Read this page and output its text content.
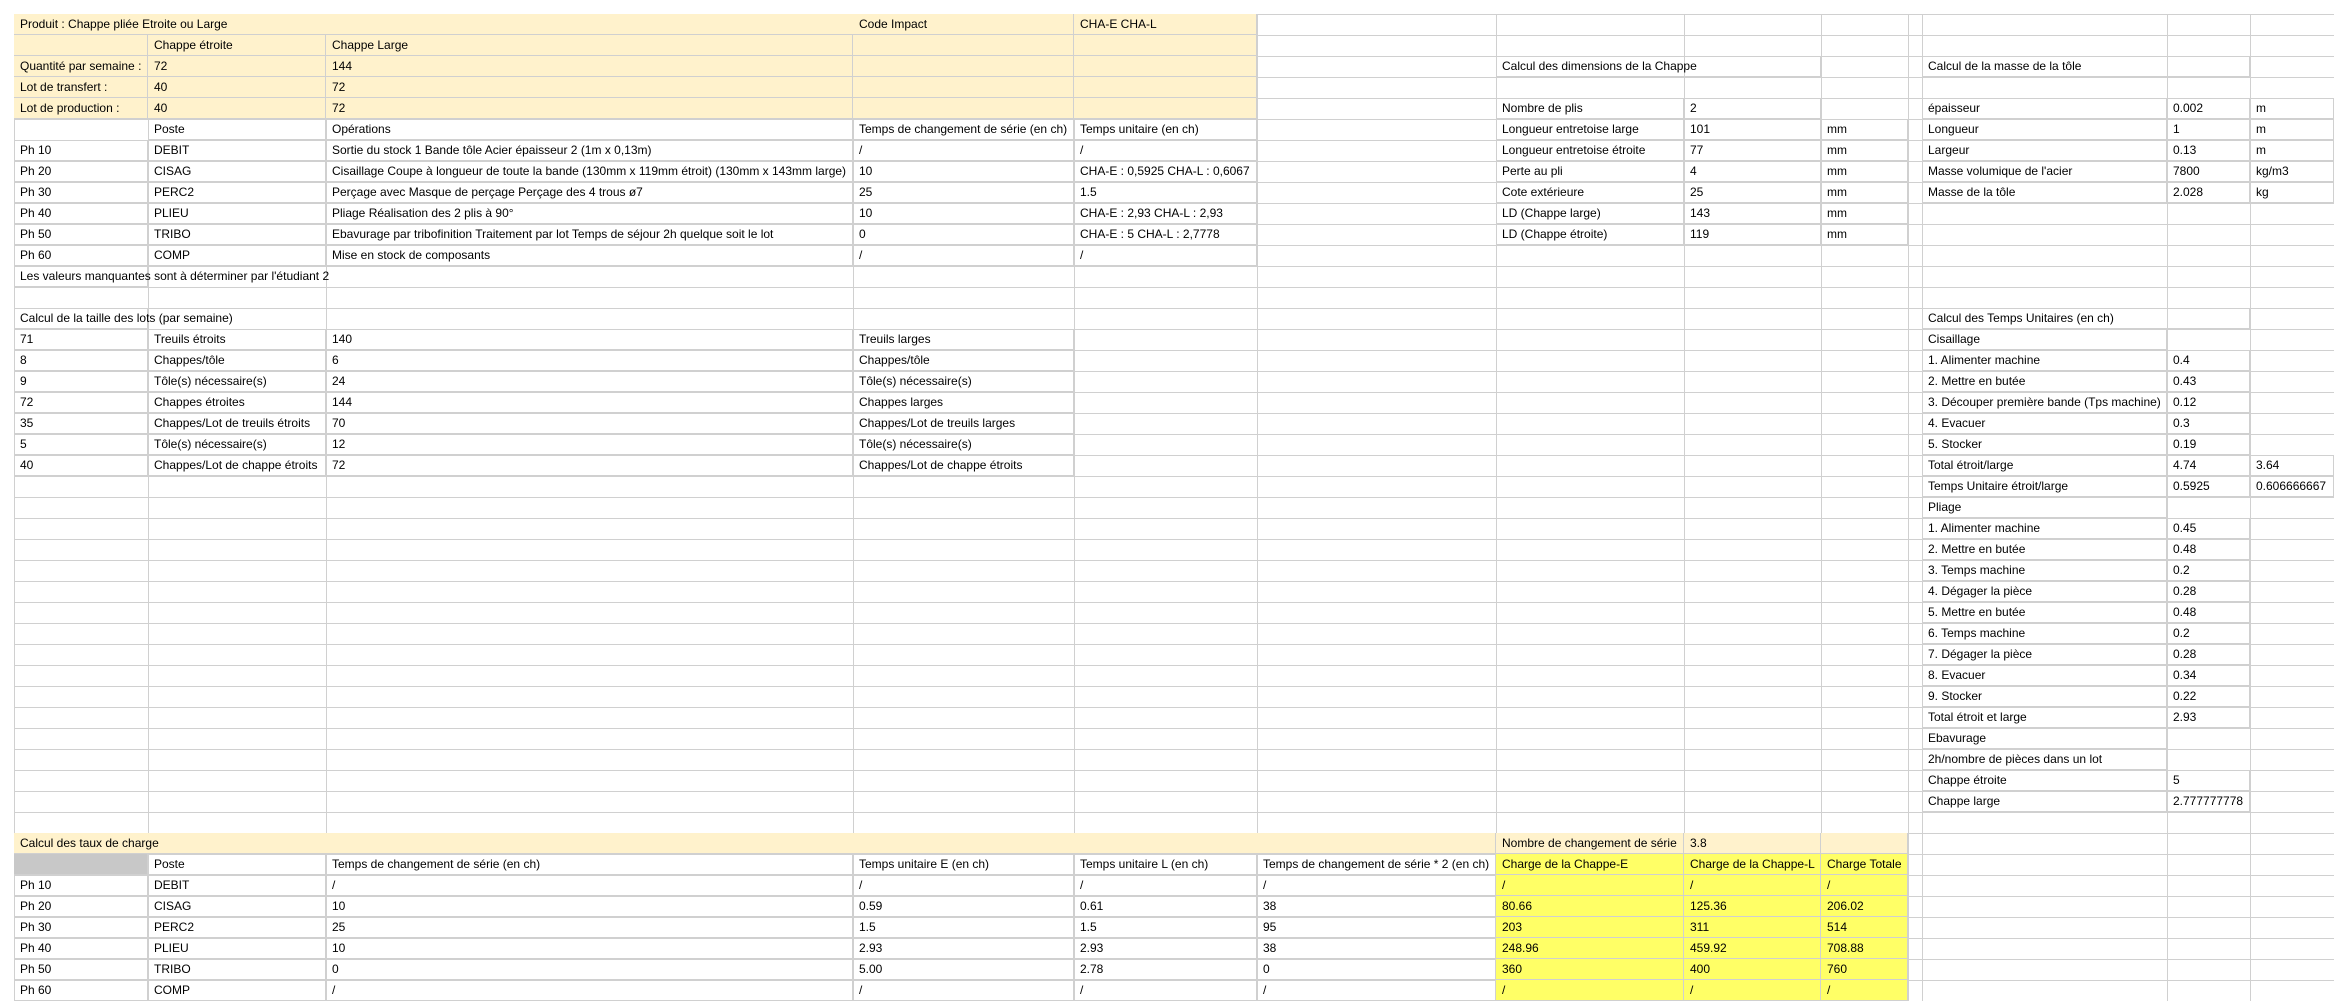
Produit : Chappe pliée Etroite ou Large	Code Impact	CHA-E CHA-L
Chappe étroite	Chappe Large
Quantité par semaine :	72	144
Lot de transfert :	40	72
Lot de production :	40	72
Poste	Opérations	Temps de changement de série (en ch)	Temps unitaire (en ch)
Ph 10	DEBIT	Sortie du stock 1 Bande tôle Acier épaisseur 2 (1m x 0,13m)	/	/
Ph 20	CISAG	Cisaillage Coupe à longueur de toute la bande (130mm x 119mm étroit) (130mm x 143mm large)	10	CHA-E : 0,5925 CHA-L : 0,6067
Ph 30	PERC2	Perçage avec Masque de perçage Perçage des 4 trous ø7	25	1.5
Ph 40	PLIEU	Pliage Réalisation des 2 plis à 90°	10	CHA-E : 2,93 CHA-L : 2,93
Ph 50	TRIBO	Ebavurage par tribofinition Traitement par lot Temps de séjour 2h quelque soit le lot	0	CHA-E : 5 CHA-L : 2,7778
Ph 60	COMP	Mise en stock de composants	/	/
Les valeurs manquantes sont à déterminer par l'étudiant 2
Calcul de la taille des lots (par semaine)
71	Treuils étroits	140	Treuils larges
8	Chappes/tôle	6	Chappes/tôle
9	Tôle(s) nécessaire(s)	24	Tôle(s) nécessaire(s)
72	Chappes étroites	144	Chappes larges
35	Chappes/Lot de treuils étroits	70	Chappes/Lot de treuils larges
5	Tôle(s) nécessaire(s)	12	Tôle(s) nécessaire(s)
40	Chappes/Lot de chappe étroits	72	Chappes/Lot de chappe étroits
Calcul des dimensions de la Chappe
Nombre de plis	2
Longueur entretoise large	101	mm
Longueur entretoise étroite	77	mm
Perte au pli	4	mm
Cote extérieure	25	mm
LD (Chappe large)	143	mm
LD (Chappe étroite)	119	mm
Calcul de la masse de la tôle
épaisseur	0.002	m
Longueur	1	m
Largeur	0.13	m
Masse volumique de l'acier	7800	kg/m3
Masse de la tôle	2.028	kg
Calcul des Temps Unitaires (en ch)
Cisaillage
1. Alimenter machine	0.4
2. Mettre en butée	0.43
3. Découper première bande (Tps machine)	0.12
4. Evacuer	0.3
5. Stocker	0.19
Total étroit/large	4.74	3.64
Temps Unitaire étroit/large	0.5925	0.606666667
Pliage
1. Alimenter machine	0.45
2. Mettre en butée	0.48
3. Temps machine	0.2
4. Dégager la pièce	0.28
5. Mettre en butée	0.48
6. Temps machine	0.2
7. Dégager la pièce	0.28
8. Evacuer	0.34
9. Stocker	0.22
Total étroit et large	2.93
Ebavurage
2h/nombre de pièces dans un lot
Chappe étroite	5
Chappe large	2.777777778
Calcul des taux de charge	Nombre de changement de série	3.8
Poste	Temps de changement de série (en ch)	Temps unitaire E (en ch)	Temps unitaire L (en ch)	Temps de changement de série * 2 (en ch)	Charge de la Chappe-E	Charge de la Chappe-L	Charge Totale
Ph 10	DEBIT	/	/	/	/	/	/	/
Ph 20	CISAG	10	0.59	0.61	38	80.66	125.36	206.02
Ph 30	PERC2	25	1.5	1.5	95	203	311	514
Ph 40	PLIEU	10	2.93	2.93	38	248.96	459.92	708.88
Ph 50	TRIBO	0	5.00	2.78	0	360	400	760
Ph 60	COMP	/	/	/	/	/	/	/
